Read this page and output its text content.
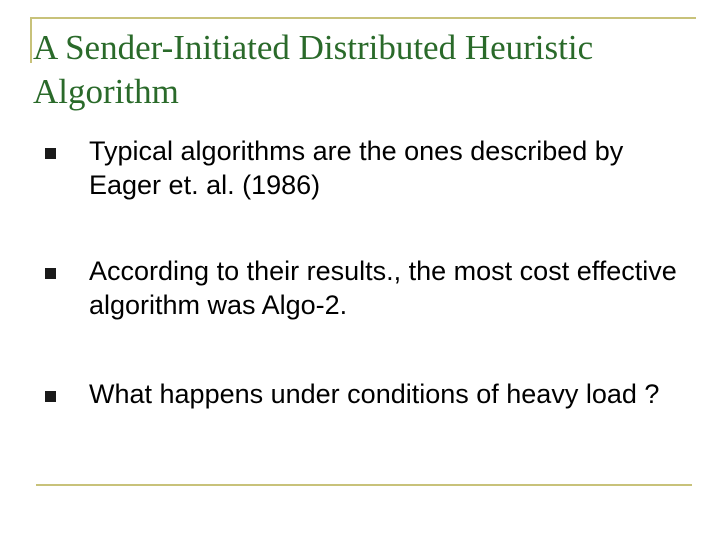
A Sender-Initiated Distributed Heuristic Algorithm
Typical algorithms are the ones described by Eager et. al. (1986)
According to their results., the most cost effective algorithm was Algo-2.
What happens under conditions of heavy load ?
